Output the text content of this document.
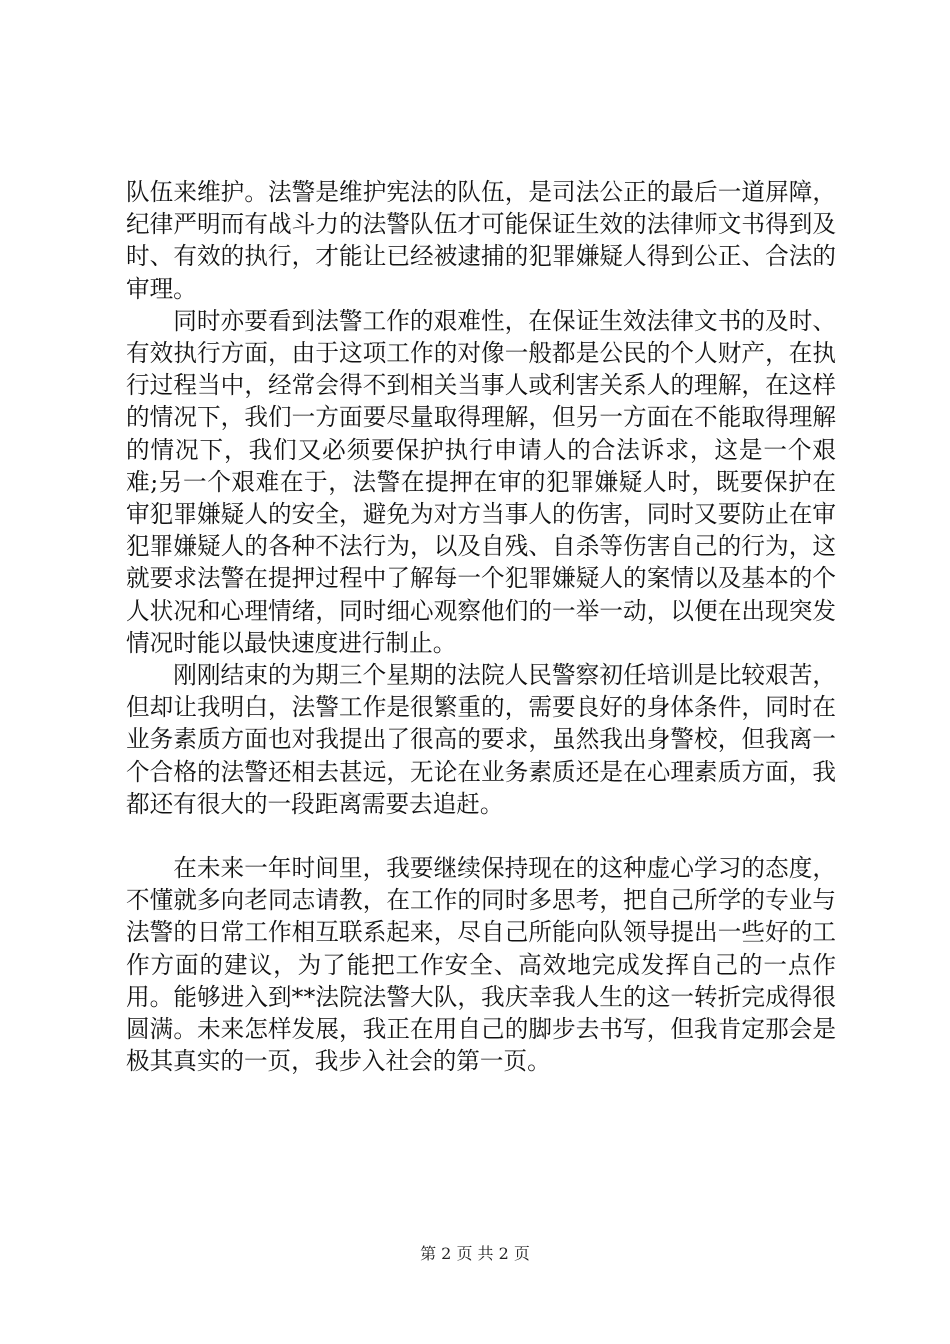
队伍来维护。法警是维护宪法的队伍，是司法公正的最后一道屏障，纪律严明而有战斗力的法警队伍才可能保证生效的法律师文书得到及时、有效的执行，才能让已经被逮捕的犯罪嫌疑人得到公正、合法的审理。

同时亦要看到法警工作的艰难性，在保证生效法律文书的及时、有效执行方面，由于这项工作的对像一般都是公民的个人财产，在执行过程当中，经常会得不到相关当事人或利害关系人的理解，在这样的情况下，我们一方面要尽量取得理解，但另一方面在不能取得理解的情况下，我们又必须要保护执行申请人的合法诉求，这是一个艰难;另一个艰难在于，法警在提押在审的犯罪嫌疑人时，既要保护在审犯罪嫌疑人的安全，避免为对方当事人的伤害，同时又要防止在审犯罪嫌疑人的各种不法行为，以及自残、自杀等伤害自己的行为，这就要求法警在提押过程中了解每一个犯罪嫌疑人的案情以及基本的个人状况和心理情绪，同时细心观察他们的一举一动，以便在出现突发情况时能以最快速度进行制止。

刚刚结束的为期三个星期的法院人民警察初任培训是比较艰苦，但却让我明白，法警工作是很繁重的，需要良好的身体条件，同时在业务素质方面也对我提出了很高的要求，虽然我出身警校，但我离一个合格的法警还相去甚远，无论在业务素质还是在心理素质方面，我都还有很大的一段距离需要去追赶。

在未来一年时间里，我要继续保持现在的这种虚心学习的态度，不懂就多向老同志请教，在工作的同时多思考，把自己所学的专业与法警的日常工作相互联系起来，尽自己所能向队领导提出一些好的工作方面的建议，为了能把工作安全、高效地完成发挥自己的一点作用。能够进入到**法院法警大队，我庆幸我人生的这一转折完成得很圆满。未来怎样发展，我正在用自己的脚步去书写，但我肯定那会是极其真实的一页，我步入社会的第一页。

第 2 页 共 2 页
